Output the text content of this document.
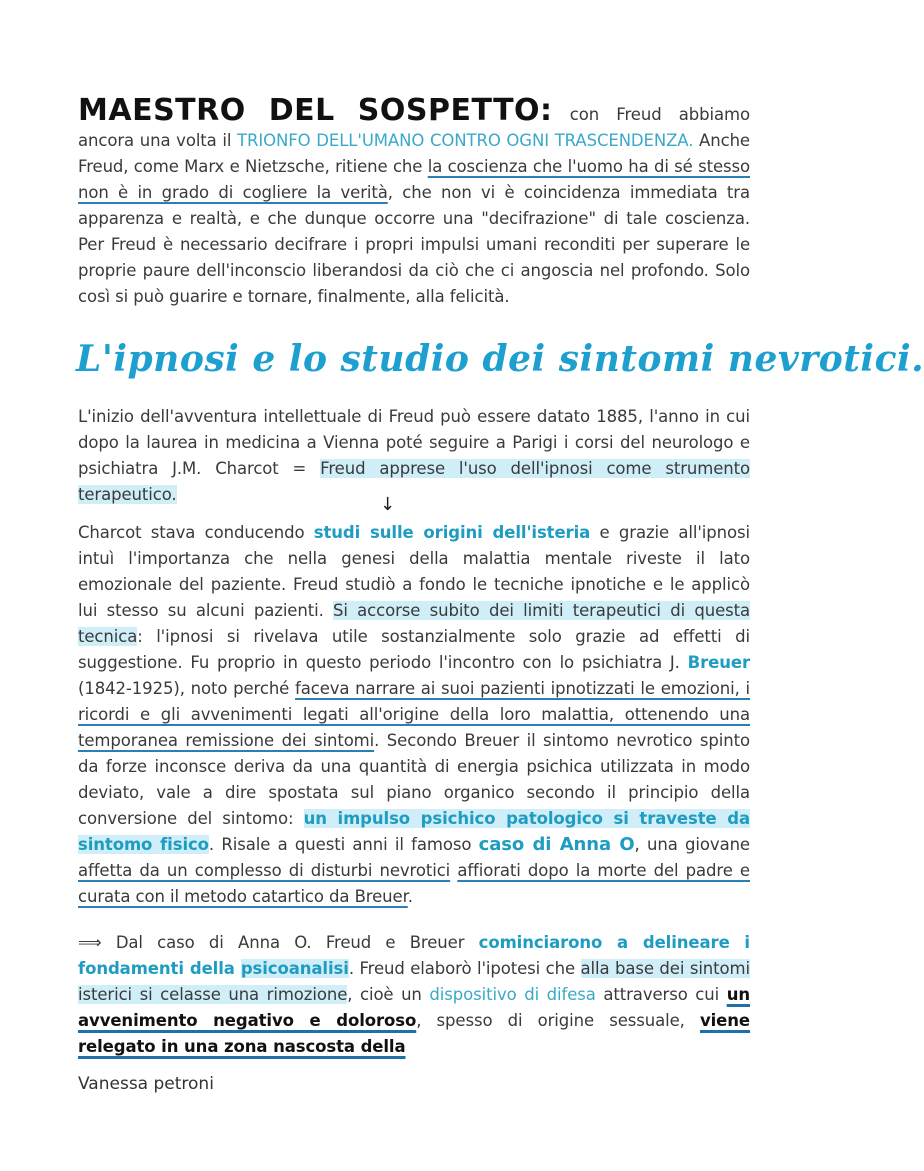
MAESTRO DEL SOSPETTO: con Freud abbiamo ancora una volta il TRIONFO DELL'UMANO CONTRO OGNI TRASCENDENZA. Anche Freud, come Marx e Nietzsche, ritiene che la coscienza che l'uomo ha di sé stesso non è in grado di cogliere la verità, che non vi è coincidenza immediata tra apparenza e realtà, e che dunque occorre una "decifrazione" di tale coscienza. Per Freud è necessario decifrare i propri impulsi umani reconditi per superare le proprie paure dell'inconscio liberandosi da ciò che ci angoscia nel profondo. Solo così si può guarire e tornare, finalmente, alla felicità.
L'ipnosi e lo studio dei sintomi nevrotici.
L'inizio dell'avventura intellettuale di Freud può essere datato 1885, l'anno in cui dopo la laurea in medicina a Vienna poté seguire a Parigi i corsi del neurologo e psichiatra J.M. Charcot = Freud apprese l'uso dell'ipnosi come strumento terapeutico.	↓
Charcot stava conducendo studi sulle origini dell'isteria e grazie all'ipnosi intuì l'importanza che nella genesi della malattia mentale riveste il lato emozionale del paziente. Freud studiò a fondo le tecniche ipnotiche e le applicò lui stesso su alcuni pazienti. Si accorse subito dei limiti terapeutici di questa tecnica: l'ipnosi si rivelava utile sostanzialmente solo grazie ad effetti di suggestione. Fu proprio in questo periodo l'incontro con lo psichiatra J. Breuer (1842-1925), noto perché faceva narrare ai suoi pazienti ipnotizzati le emozioni, i ricordi e gli avvenimenti legati all'origine della loro malattia, ottenendo una temporanea remissione dei sintomi. Secondo Breuer il sintomo nevrotico spinto da forze inconsce deriva da una quantità di energia psichica utilizzata in modo deviato, vale a dire spostata sul piano organico secondo il principio della conversione del sintomo: un impulso psichico patologico si traveste da sintomo fisico. Risale a questi anni il famoso caso di Anna O, una giovane affetta da un complesso di disturbi nevrotici affiorati dopo la morte del padre e curata con il metodo catartico da Breuer.
⟹ Dal caso di Anna O. Freud e Breuer cominciarono a delineare i fondamenti della psicoanalisi. Freud elaborò l'ipotesi che alla base dei sintomi isterici si celasse una rimozione, cioè un dispositivo di difesa attraverso cui un avvenimento negativo e doloroso, spesso di origine sessuale, viene relegato in una zona nascosta della
Vanessa petroni
